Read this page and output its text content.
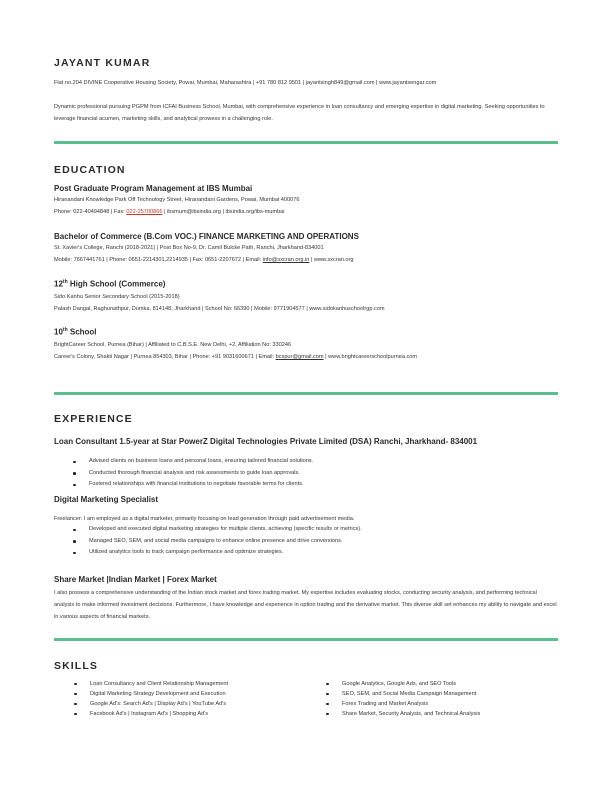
JAYANT KUMAR
Flat no.204 DIVINE Cooperative Housing Society, Powai, Mumbai, Maharashtra | +91 780 812 9501 | jayantsingh849@gmail.com | www.jayantsengar.com
Dynamic professional pursuing PGPM from ICFAI Business School, Mumbai, with comprehensive experience in loan consultancy and emerging expertise in digital marketing. Seeking opportunities to leverage financial acumen, marketing skills, and analytical prowess in a challenging role.
EDUCATION
Post Graduate Program Management at IBS Mumbai
Hiranandani Knowledge Park Off Technology Street, Hiranandani Gardens, Powai, Mumbai 400076
Phone: 022-40494848 | Fax: 022-25700866 | ibsmum@ibsindia.org | ibsindia.org/ibs-mumbai
Bachelor of Commerce (B.Com VOC.) FINANCE MARKETING AND OPERATIONS
St. Xavier's College, Ranchi (2018-2021) | Post Box No-9, Dr. Camil Bulcke Path, Ranchi, Jharkhand-834001
Mobile: 7667441761 | Phone: 0651-2214301,2214935 | Fax: 0651-2207672 | Email: info@sxcran.org.in | www.sxcran.org
12th High School (Commerce)
Sido Kanhu Senior Secondary School (2015-2018)
Palash Dangal, Raghunathpur, Dumka, 814148, Jharkhand | School No: 66390 | Mobile: 9771904577 | www.sidokanhuschoolrgp.com
10th School
BrightCareer School, Purnea (Bihar) | Affiliated to C.B.S.E. New Delhi, +2, Affiliation No: 330246
Career's Colony, Shakti Nagar | Purnea 854303, Bihar | Phone: +91 9031600671 | Email: bcspur@gmail.com | www.brightcareerschoolpurnea.com
EXPERIENCE
Loan Consultant 1.5-year at Star PowerZ Digital Technologies Private Limited (DSA) Ranchi, Jharkhand- 834001
Advised clients on business loans and personal loans, ensuring tailored financial solutions.
Conducted thorough financial analysis and risk assessments to guide loan approvals.
Fostered relationships with financial institutions to negotiate favorable terms for clients.
Digital Marketing Specialist
Freelancer: I am employed as a digital marketer, primarily focusing on lead generation through paid advertisement media.
Developed and executed digital marketing strategies for multiple clients, achieving (specific results or metrics).
Managed SEO, SEM, and social media campaigns to enhance online presence and drive conversions.
Utilized analytics tools to track campaign performance and optimize strategies.
Share Market |Indian Market | Forex Market
I also possess a comprehensive understanding of the Indian stock market and forex trading market. My expertise includes evaluating stocks, conducting security analysis, and performing technical analysis to make informed investment decisions. Furthermore, I have knowledge and experience in option trading and the derivative market. This diverse skill set enhances my ability to navigate and excel in various aspects of financial markets.
SKILLS
Loan Consultancy and Client Relationship Management
Digital Marketing Strategy Development and Execution
Google Ad's: Search Ad's | Display Ad's | YouTube Ad's
Facebook Ad's | Instagram Ad's | Shopping Ad's
Google Analytics, Google Ads, and SEO Tools
SEO, SEM, and Social Media Campaign Management
Forex Trading and Market Analysis
Share Market, Security Analysis, and Technical Analysis
